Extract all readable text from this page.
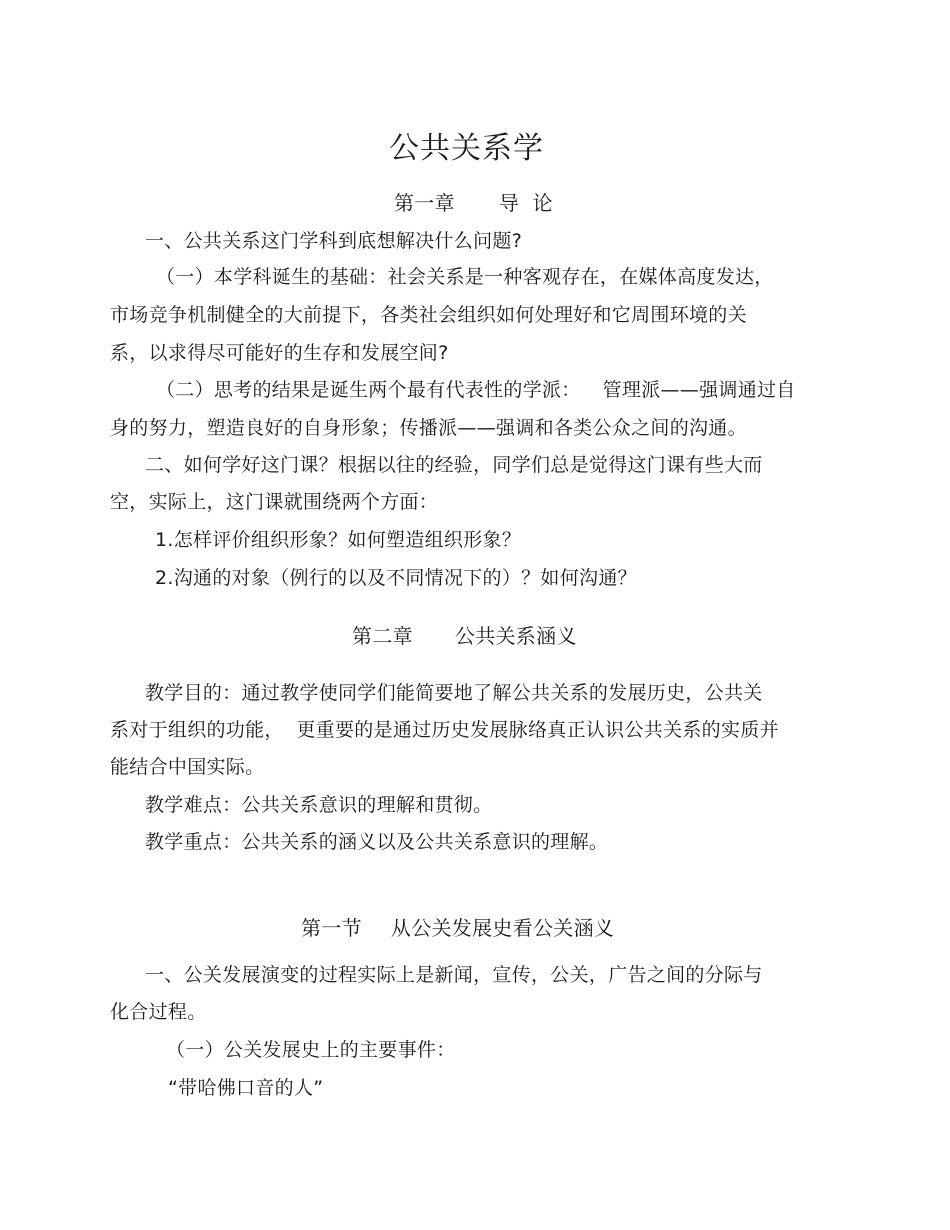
公共关系学
第一章 导  论
一、公共关系这门学科到底想解决什么问题?
（一）本学科诞生的基础：社会关系是一种客观存在，在媒体高度发达，
市场竞争机制健全的大前提下，各类社会组织如何处理好和它周围环境的关
系，以求得尽可能好的生存和发展空间?
（二）思考的结果是诞生两个最有代表性的学派： 管理派——强调通过自
身的努力，塑造良好的自身形象；传播派——强调和各类公众之间的沟通。
二、如何学好这门课？根据以往的经验，同学们总是觉得这门课有些大而
空，实际上，这门课就围绕两个方面：
1.怎样评价组织形象？如何塑造组织形象？
2.沟通的对象（例行的以及不同情况下的）？如何沟通？
第二章 公共关系涵义
教学目的：通过教学使同学们能简要地了解公共关系的发展历史，公共关
系对于组织的功能，  更重要的是通过历史发展脉络真正认识公共关系的实质并
能结合中国实际。
教学难点：公共关系意识的理解和贯彻。
教学重点：公共关系的涵义以及公共关系意识的理解。
第一节 从公关发展史看公关涵义
一、公关发展演变的过程实际上是新闻，宣传，公关，广告之间的分际与
化合过程。
（一）公关发展史上的主要事件：
“带哈佛口音的人”
